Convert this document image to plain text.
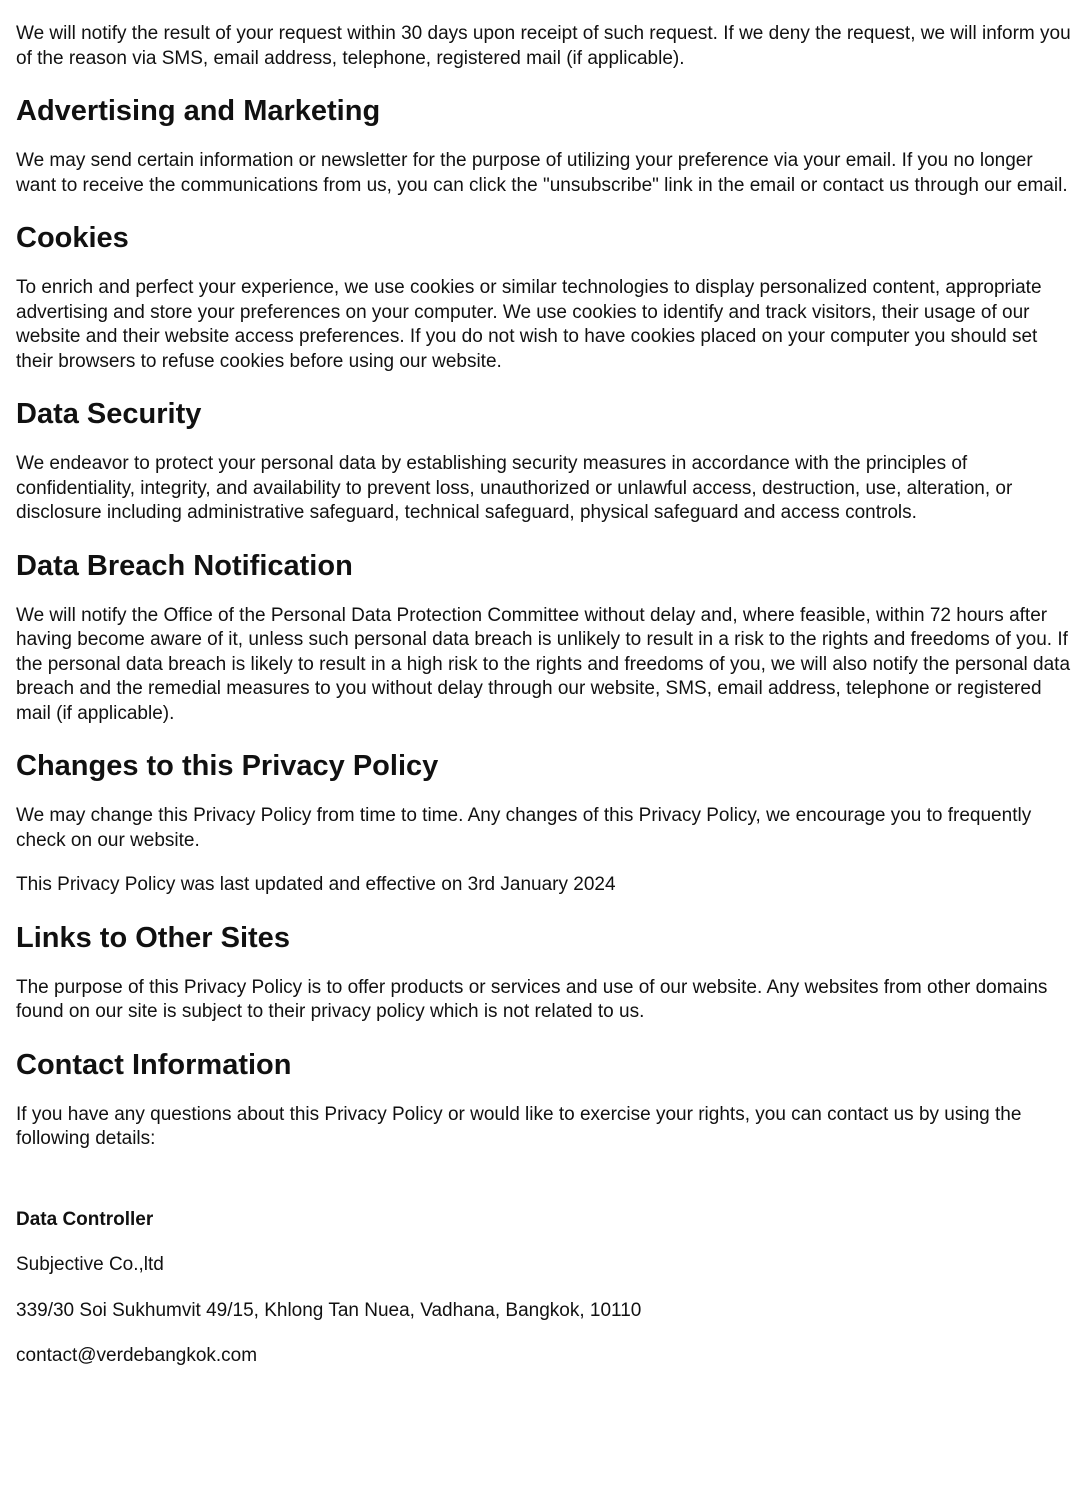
We will notify the result of your request within 30 days upon receipt of such request. If we deny the request, we will inform you of the reason via SMS, email address, telephone, registered mail (if applicable).

Advertising and Marketing

We may send certain information or newsletter for the purpose of utilizing your preference via your email. If you no longer want to receive the communications from us, you can click the "unsubscribe" link in the email or contact us through our email.

Cookies

To enrich and perfect your experience, we use cookies or similar technologies to display personalized content, appropriate advertising and store your preferences on your computer. We use cookies to identify and track visitors, their usage of our website and their website access preferences. If you do not wish to have cookies placed on your computer you should set their browsers to refuse cookies before using our website.

Data Security

We endeavor to protect your personal data by establishing security measures in accordance with the principles of confidentiality, integrity, and availability to prevent loss, unauthorized or unlawful access, destruction, use, alteration, or disclosure including administrative safeguard, technical safeguard, physical safeguard and access controls.

Data Breach Notification

We will notify the Office of the Personal Data Protection Committee without delay and, where feasible, within 72 hours after having become aware of it, unless such personal data breach is unlikely to result in a risk to the rights and freedoms of you. If the personal data breach is likely to result in a high risk to the rights and freedoms of you, we will also notify the personal data breach and the remedial measures to you without delay through our website, SMS, email address, telephone or registered mail (if applicable).

Changes to this Privacy Policy

We may change this Privacy Policy from time to time. Any changes of this Privacy Policy, we encourage you to frequently check on our website.

This Privacy Policy was last updated and effective on 3rd January 2024

Links to Other Sites

The purpose of this Privacy Policy is to offer products or services and use of our website. Any websites from other domains found on our site is subject to their privacy policy which is not related to us.

Contact Information

If you have any questions about this Privacy Policy or would like to exercise your rights, you can contact us by using the following details:

Data Controller

Subjective Co.,ltd

339/30 Soi Sukhumvit 49/15, Khlong Tan Nuea, Vadhana, Bangkok, 10110

contact@verdebangkok.com
